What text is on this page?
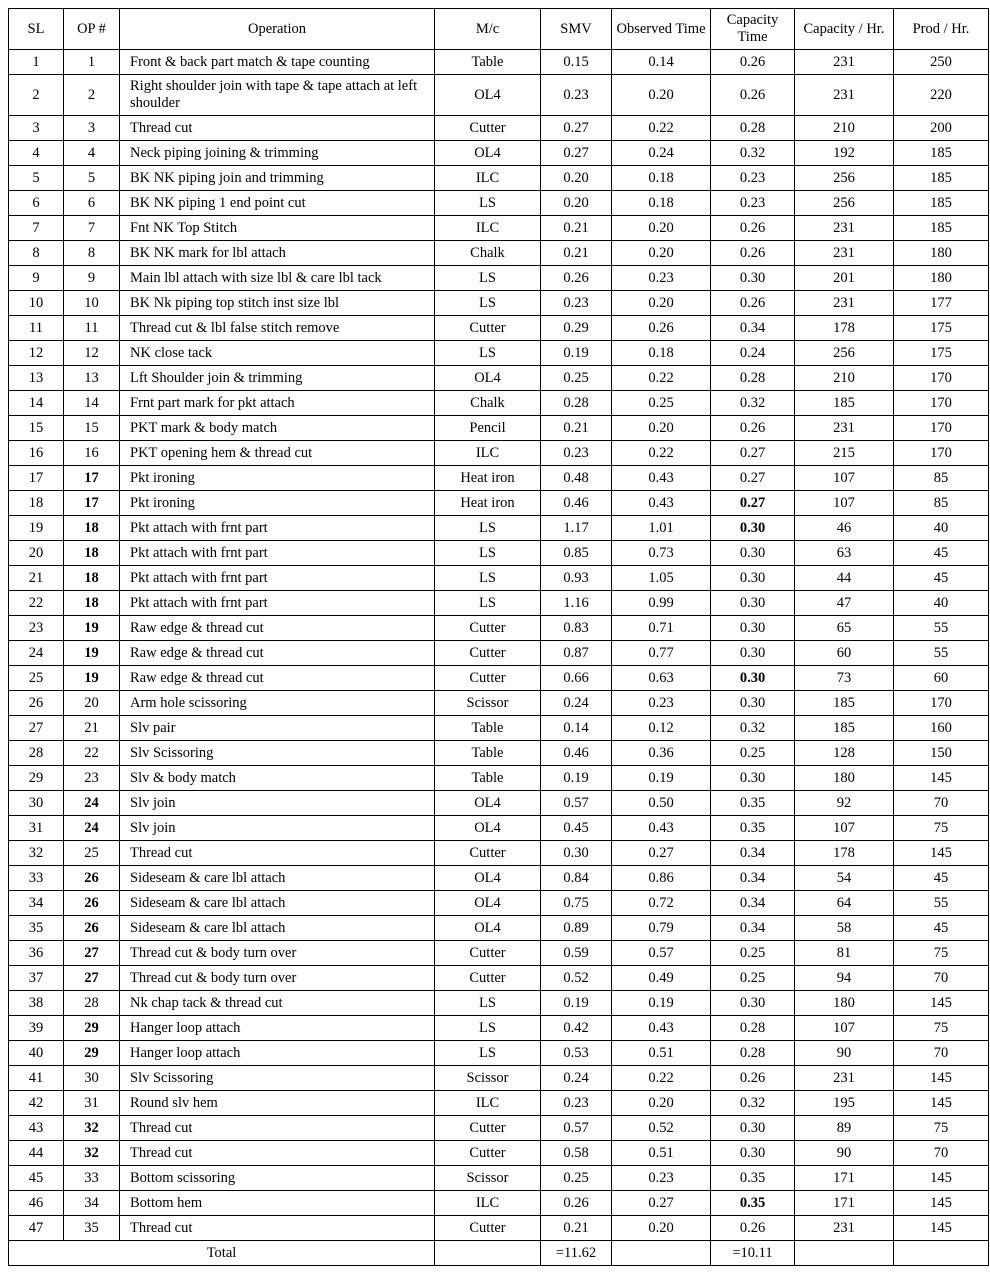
SL	OP #	Operation	M/c	SMV	Observed Time	Capacity Time	Capacity / Hr.	Prod / Hr.
1	1	Front & back part match & tape counting	Table	0.15	0.14	0.26	231	250
2	2	Right shoulder join with tape & tape attach at left shoulder	OL4	0.23	0.20	0.26	231	220
3	3	Thread cut	Cutter	0.27	0.22	0.28	210	200
4	4	Neck piping joining & trimming	OL4	0.27	0.24	0.32	192	185
5	5	BK NK piping join and trimming	ILC	0.20	0.18	0.23	256	185
6	6	BK NK piping 1 end point cut	LS	0.20	0.18	0.23	256	185
7	7	Fnt NK Top Stitch	ILC	0.21	0.20	0.26	231	185
8	8	BK NK mark for lbl attach	Chalk	0.21	0.20	0.26	231	180
9	9	Main lbl attach with size lbl & care lbl tack	LS	0.26	0.23	0.30	201	180
10	10	BK Nk piping top stitch inst size lbl	LS	0.23	0.20	0.26	231	177
11	11	Thread cut & lbl false stitch remove	Cutter	0.29	0.26	0.34	178	175
12	12	NK close tack	LS	0.19	0.18	0.24	256	175
13	13	Lft Shoulder join & trimming	OL4	0.25	0.22	0.28	210	170
14	14	Frnt part mark for pkt attach	Chalk	0.28	0.25	0.32	185	170
15	15	PKT mark & body match	Pencil	0.21	0.20	0.26	231	170
16	16	PKT opening hem & thread cut	ILC	0.23	0.22	0.27	215	170
17	17	Pkt ironing	Heat iron	0.48	0.43	0.27	107	85
18	17	Pkt ironing	Heat iron	0.46	0.43	0.27	107	85
19	18	Pkt attach with frnt part	LS	1.17	1.01	0.30	46	40
20	18	Pkt attach with frnt part	LS	0.85	0.73	0.30	63	45
21	18	Pkt attach with frnt part	LS	0.93	1.05	0.30	44	45
22	18	Pkt attach with frnt part	LS	1.16	0.99	0.30	47	40
23	19	Raw edge & thread cut	Cutter	0.83	0.71	0.30	65	55
24	19	Raw edge & thread cut	Cutter	0.87	0.77	0.30	60	55
25	19	Raw edge & thread cut	Cutter	0.66	0.63	0.30	73	60
26	20	Arm hole scissoring	Scissor	0.24	0.23	0.30	185	170
27	21	Slv pair	Table	0.14	0.12	0.32	185	160
28	22	Slv Scissoring	Table	0.46	0.36	0.25	128	150
29	23	Slv & body match	Table	0.19	0.19	0.30	180	145
30	24	Slv join	OL4	0.57	0.50	0.35	92	70
31	24	Slv join	OL4	0.45	0.43	0.35	107	75
32	25	Thread cut	Cutter	0.30	0.27	0.34	178	145
33	26	Sideseam & care lbl attach	OL4	0.84	0.86	0.34	54	45
34	26	Sideseam & care lbl attach	OL4	0.75	0.72	0.34	64	55
35	26	Sideseam & care lbl attach	OL4	0.89	0.79	0.34	58	45
36	27	Thread cut & body turn over	Cutter	0.59	0.57	0.25	81	75
37	27	Thread cut & body turn over	Cutter	0.52	0.49	0.25	94	70
38	28	Nk chap tack & thread cut	LS	0.19	0.19	0.30	180	145
39	29	Hanger loop attach	LS	0.42	0.43	0.28	107	75
40	29	Hanger loop attach	LS	0.53	0.51	0.28	90	70
41	30	Slv Scissoring	Scissor	0.24	0.22	0.26	231	145
42	31	Round slv hem	ILC	0.23	0.20	0.32	195	145
43	32	Thread cut	Cutter	0.57	0.52	0.30	89	75
44	32	Thread cut	Cutter	0.58	0.51	0.30	90	70
45	33	Bottom scissoring	Scissor	0.25	0.23	0.35	171	145
46	34	Bottom hem	ILC	0.26	0.27	0.35	171	145
47	35	Thread cut	Cutter	0.21	0.20	0.26	231	145
Total				=11.62		=10.11		
